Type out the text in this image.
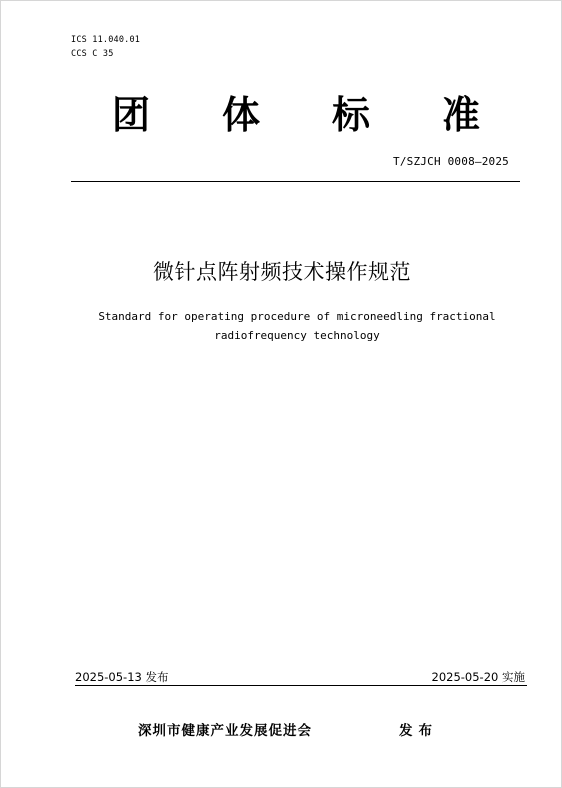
ICS 11.040.01
CCS C 35
团 体 标 准
T/SZJCH 0008—2025
微针点阵射频技术操作规范
Standard for operating procedure of microneedling fractional
radiofrequency technology
2025-05-13 发布	2025-05-20 实施
深圳市健康产业发展促进会	发布
